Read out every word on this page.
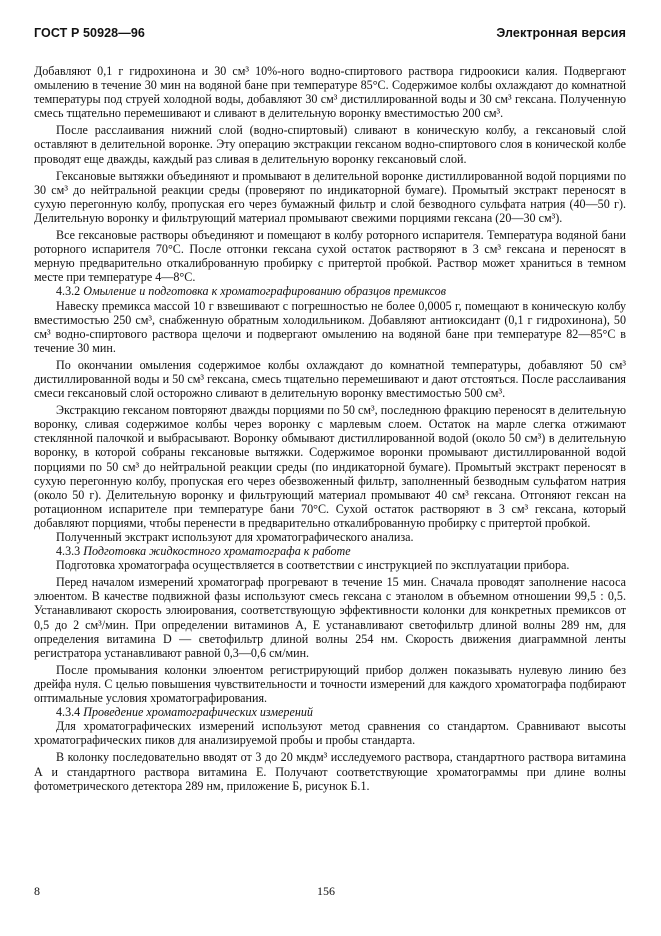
ГОСТ Р 50928—96	Электронная версия

Добавляют 0,1 г гидрохинона и 30 см³ 10%-ного водно-спиртового раствора гидроокиси калия. Подвергают омылению в течение 30 мин на водяной бане при температуре 85°С. Содержимое колбы охлаждают до комнатной температуры под струей холодной воды, добавляют 30 см³ дистиллированной воды и 30 см³ гексана. Полученную смесь тщательно перемешивают и сливают в делительную воронку вместимостью 200 см³.

После расслаивания нижний слой (водно-спиртовый) сливают в коническую колбу, а гексановый слой оставляют в делительной воронке. Эту операцию экстракции гексаном водно-спиртового слоя в конической колбе проводят еще дважды, каждый раз сливая в делительную воронку гексановый слой.

Гексановые вытяжки объединяют и промывают в делительной воронке дистиллированной водой порциями по 30 см³ до нейтральной реакции среды (проверяют по индикаторной бумаге). Промытый экстракт переносят в сухую перегонную колбу, пропуская его через бумажный фильтр и слой безводного сульфата натрия (40—50 г). Делительную воронку и фильтрующий материал промывают свежими порциями гексана (20—30 см³).

Все гексановые растворы объединяют и помещают в колбу роторного испарителя. Температура водяной бани роторного испарителя 70°С. После отгонки гексана сухой остаток растворяют в 3 см³ гексана и переносят в мерную предварительно откалиброванную пробирку с притертой пробкой. Раствор может храниться в темном месте при температуре 4—8°С.

4.3.2 Омыление и подготовка к хроматографированию образцов премиксов

Навеску премикса массой 10 г взвешивают с погрешностью не более 0,0005 г, помещают в коническую колбу вместимостью 250 см³, снабженную обратным холодильником. Добавляют антиоксидант (0,1 г гидрохинона), 50 см³ водно-спиртового раствора щелочи и подвергают омылению на водяной бане при температуре 82—85°С в течение 30 мин.

По окончании омыления содержимое колбы охлаждают до комнатной температуры, добавляют 50 см³ дистиллированной воды и 50 см³ гексана, смесь тщательно перемешивают и дают отстояться. После расслаивания смеси гексановый слой осторожно сливают в делительную воронку вместимостью 500 см³.

Экстракцию гексаном повторяют дважды порциями по 50 см³, последнюю фракцию переносят в делительную воронку, сливая содержимое колбы через воронку с марлевым слоем. Остаток на марле слегка отжимают стеклянной палочкой и выбрасывают. Воронку обмывают дистиллированной водой (около 50 см³) в делительную воронку, в которой собраны гексановые вытяжки. Содержимое воронки промывают дистиллированной водой порциями по 50 см³ до нейтральной реакции среды (по индикаторной бумаге). Промытый экстракт переносят в сухую перегонную колбу, пропуская его через обезвоженный фильтр, заполненный безводным сульфатом натрия (около 50 г). Делительную воронку и фильтрующий материал промывают 40 см³ гексана. Отгоняют гексан на ротационном испарителе при температуре бани 70°С. Сухой остаток растворяют в 3 см³ гексана, который добавляют порциями, чтобы перенести в предварительно откалиброванную пробирку с притертой пробкой.

Полученный экстракт используют для хроматографического анализа.

4.3.3 Подготовка жидкостного хроматографа к работе

Подготовка хроматографа осуществляется в соответствии с инструкцией по эксплуатации прибора.

Перед началом измерений хроматограф прогревают в течение 15 мин. Сначала проводят заполнение насоса элюентом. В качестве подвижной фазы используют смесь гексана с этанолом в объемном отношении 99,5 : 0,5. Устанавливают скорость элюирования, соответствующую эффективности колонки для конкретных премиксов от 0,5 до 2 см³/мин. При определении витаминов А, Е устанавливают светофильтр длиной волны 289 нм, для определения витамина D — светофильтр длиной волны 254 нм. Скорость движения диаграммной ленты регистратора устанавливают равной 0,3—0,6 см/мин.

После промывания колонки элюентом регистрирующий прибор должен показывать нулевую линию без дрейфа нуля. С целью повышения чувствительности и точности измерений для каждого хроматографа подбирают оптимальные условия хроматографирования.

4.3.4 Проведение хроматографических измерений

Для хроматографических измерений используют метод сравнения со стандартом. Сравнивают высоты хроматографических пиков для анализируемой пробы и пробы стандарта.

В колонку последовательно вводят от 3 до 20 мкдм³ исследуемого раствора, стандартного раствора витамина А и стандартного раствора витамина Е. Получают соответствующие хроматограммы при длине волны фотометрического детектора 289 нм, приложение Б, рисунок Б.1.

8	156
